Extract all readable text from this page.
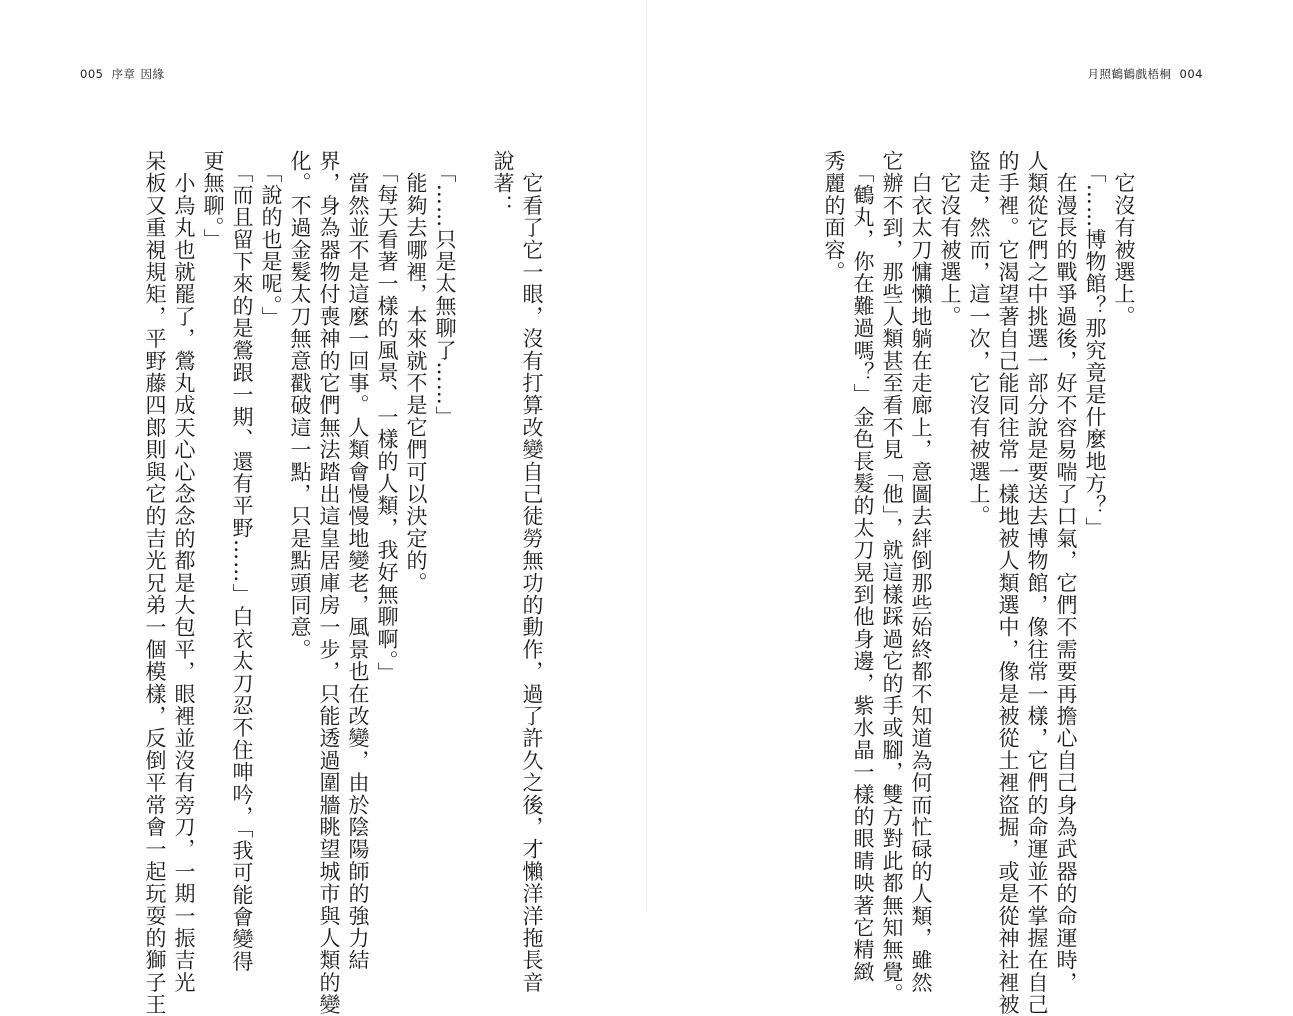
005 序章 因緣
　它看了它一眼，沒有打算改變自己徒勞無功的動作，過了許久之後，才懶洋洋拖長音
說著：
　「……只是太無聊了……」
　能夠去哪裡，本來就不是它們可以決定的。
　「每天看著一樣的風景、一樣的人類，我好無聊啊。」
　當然並不是這麼一回事。人類會慢慢地變老，風景也在改變，由於陰陽師的強力結
界，身為器物付喪神的它們無法踏出這皇居庫房一步，只能透過圍牆眺望城市與人類的變
化。不過金髮太刀無意戳破這一點，只是點頭同意。
　「說的也是呢。」
　「而且留下來的是鶯跟一期、還有平野……」白衣太刀忍不住呻吟，「我可能會變得
更無聊。」
　小烏丸也就罷了，鶯丸成天心心念念的都是大包平，眼裡並沒有旁刀，一期一振吉光
呆板又重視規矩，平野藤四郎則與它的吉光兄弟一個模樣，反倒平常會一起玩耍的獅子王
月照鶴鶴戲梧桐 004
　它沒有被選上。
　「……博物館？那究竟是什麼地方？」
　在漫長的戰爭過後，好不容易喘了口氣，它們不需要再擔心自己身為武器的命運時，
人類從它們之中挑選一部分說是要送去博物館，像往常一樣，它們的命運並不掌握在自己
的手裡。它渴望著自己能同往常一樣地被人類選中，像是被從土裡盜掘，或是從神社裡被
盜走，然而，這一次，它沒有被選上。
　它沒有被選上。
　白衣太刀慵懶地躺在走廊上，意圖去絆倒那些始終都不知道為何而忙碌的人類，雖然
它辦不到，那些人類甚至看不見「他」，就這樣踩過它的手或腳，雙方對此都無知無覺。
　「鶴丸，你在難過嗎？」金色長髮的太刀晃到他身邊，紫水晶一樣的眼睛映著它精緻
秀麗的面容。
